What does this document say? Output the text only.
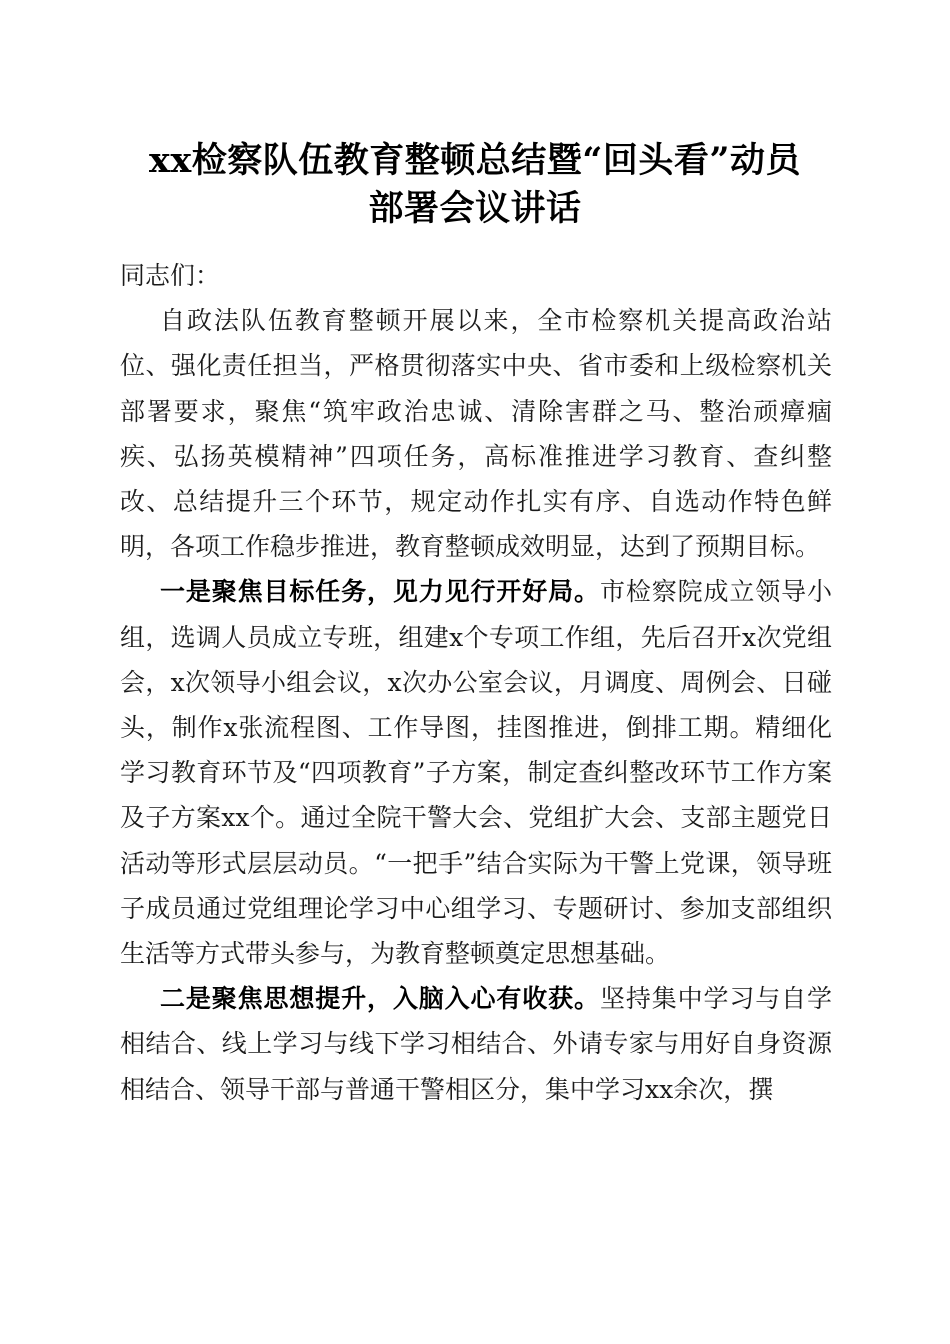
xx检察队伍教育整顿总结暨“回头看”动员
部署会议讲话

同志们：

自政法队伍教育整顿开展以来，全市检察机关提高政治站位、强化责任担当，严格贯彻落实中央、省市委和上级检察机关部署要求，聚焦“筑牢政治忠诚、清除害群之马、整治顽瘴痼疾、弘扬英模精神”四项任务，高标准推进学习教育、查纠整改、总结提升三个环节，规定动作扎实有序、自选动作特色鲜明，各项工作稳步推进，教育整顿成效明显，达到了预期目标。

一是聚焦目标任务，见力见行开好局。市检察院成立领导小组，选调人员成立专班，组建x个专项工作组，先后召开x次党组会，x次领导小组会议，x次办公室会议，月调度、周例会、日碰头，制作x张流程图、工作导图，挂图推进，倒排工期。精细化学习教育环节及“四项教育”子方案，制定查纠整改环节工作方案及子方案xx个。通过全院干警大会、党组扩大会、支部主题党日活动等形式层层动员。“一把手”结合实际为干警上党课，领导班子成员通过党组理论学习中心组学习、专题研讨、参加支部组织生活等方式带头参与，为教育整顿奠定思想基础。

二是聚焦思想提升，入脑入心有收获。坚持集中学习与自学相结合、线上学习与线下学习相结合、外请专家与用好自身资源相结合、领导干部与普通干警相区分，集中学习xx余次，撰
